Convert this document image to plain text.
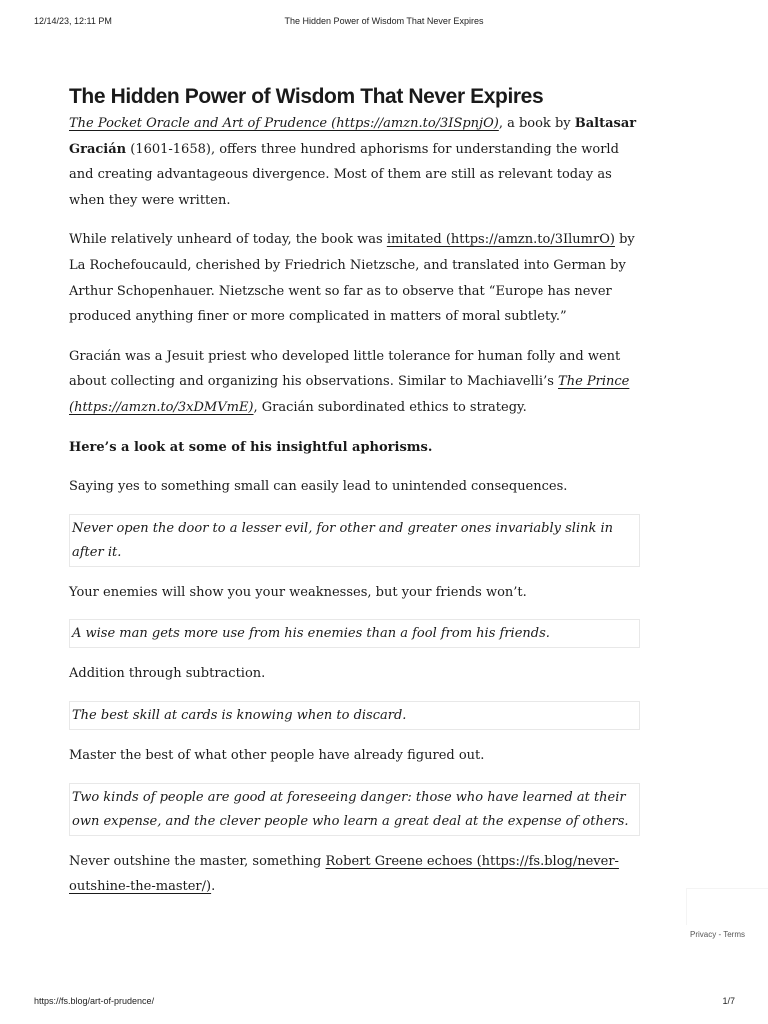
12/14/23, 12:11 PM	The Hidden Power of Wisdom That Never Expires
The Hidden Power of Wisdom That Never Expires

The Pocket Oracle and Art of Prudence (https://amzn.to/3ISpnjO), a book by Baltasar Gracián (1601-1658), offers three hundred aphorisms for understanding the world and creating advantageous divergence. Most of them are still as relevant today as when they were written.

While relatively unheard of today, the book was imitated (https://amzn.to/3IlumrO) by La Rochefoucauld, cherished by Friedrich Nietzsche, and translated into German by Arthur Schopenhauer. Nietzsche went so far as to observe that “Europe has never produced anything finer or more complicated in matters of moral subtlety.”

Gracián was a Jesuit priest who developed little tolerance for human folly and went about collecting and organizing his observations. Similar to Machiavelli’s The Prince (https://amzn.to/3xDMVmE), Gracián subordinated ethics to strategy.

Here’s a look at some of his insightful aphorisms.

Saying yes to something small can easily lead to unintended consequences.

Never open the door to a lesser evil, for other and greater ones invariably slink in after it.

Your enemies will show you your weaknesses, but your friends won’t.

A wise man gets more use from his enemies than a fool from his friends.

Addition through subtraction.

The best skill at cards is knowing when to discard.

Master the best of what other people have already figured out.

Two kinds of people are good at foreseeing danger: those who have learned at their own expense, and the clever people who learn a great deal at the expense of others.

Never outshine the master, something Robert Greene echoes (https://fs.blog/never-outshine-the-master/).

Privacy - Terms
https://fs.blog/art-of-prudence/	1/7
